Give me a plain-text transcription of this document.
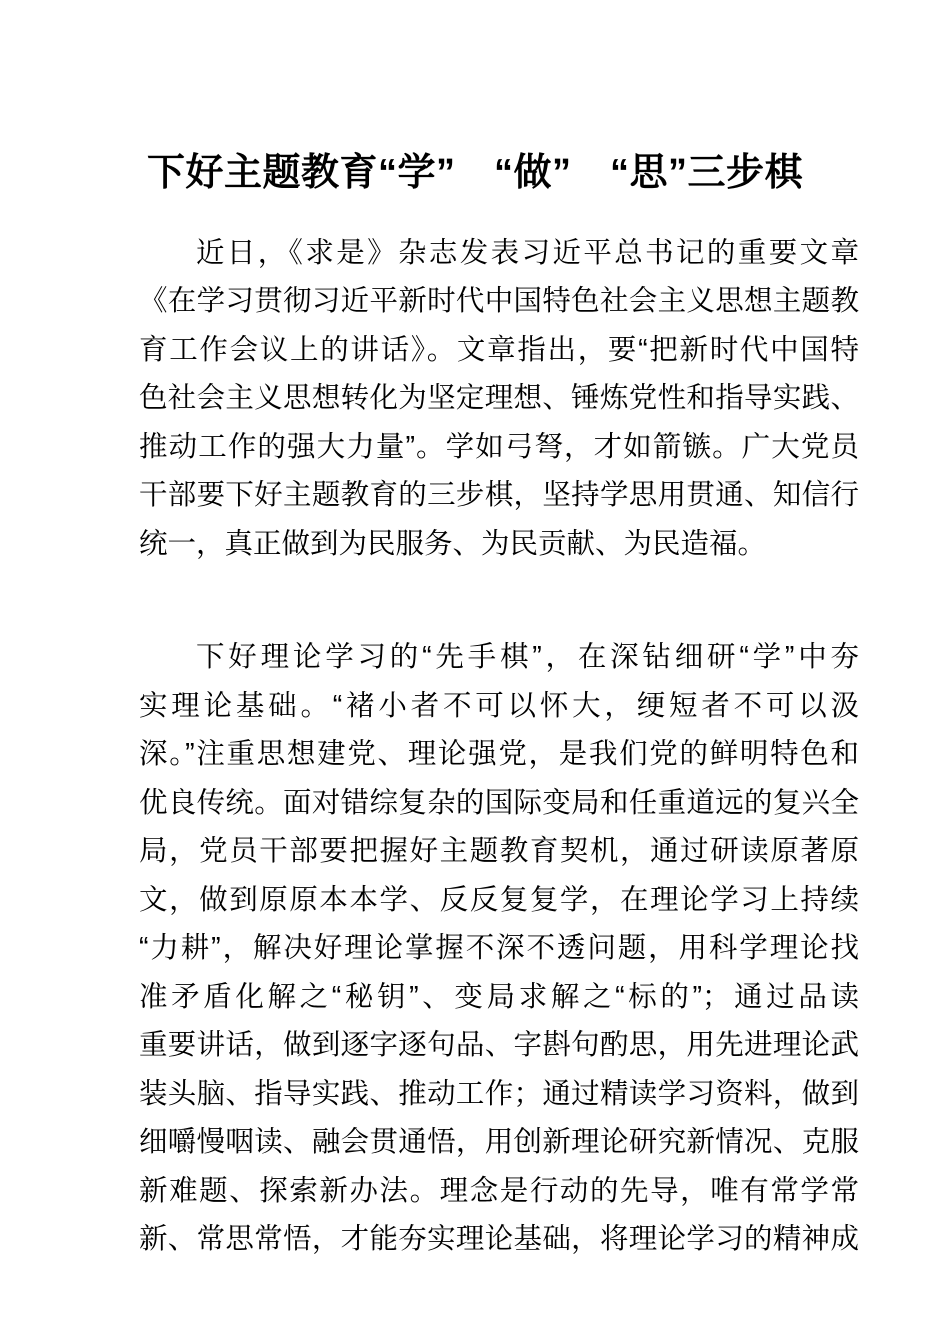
下好主题教育“学”　“做”　“思”三步棋
近日，《求是》杂志发表习近平总书记的重要文章
《在学习贯彻习近平新时代中国特色社会主义思想主题教
育工作会议上的讲话》。文章指出，要“把新时代中国特
色社会主义思想转化为坚定理想、锤炼党性和指导实践、
推动工作的强大力量”。学如弓弩，才如箭镞。广大党员
干部要下好主题教育的三步棋，坚持学思用贯通、知信行
统一，真正做到为民服务、为民贡献、为民造福。
下好理论学习的“先手棋”，在深钻细研“学”中夯
实理论基础。“褚小者不可以怀大，绠短者不可以汲
深。”注重思想建党、理论强党，是我们党的鲜明特色和
优良传统。面对错综复杂的国际变局和任重道远的复兴全
局，党员干部要把握好主题教育契机，通过研读原著原
文，做到原原本本学、反反复复学，在理论学习上持续
“力耕”，解决好理论掌握不深不透问题，用科学理论找
准矛盾化解之“秘钥”、变局求解之“标的”；通过品读
重要讲话，做到逐字逐句品、字斟句酌思，用先进理论武
装头脑、指导实践、推动工作；通过精读学习资料，做到
细嚼慢咽读、融会贯通悟，用创新理论研究新情况、克服
新难题、探索新办法。理念是行动的先导，唯有常学常
新、常思常悟，才能夯实理论基础，将理论学习的精神成
